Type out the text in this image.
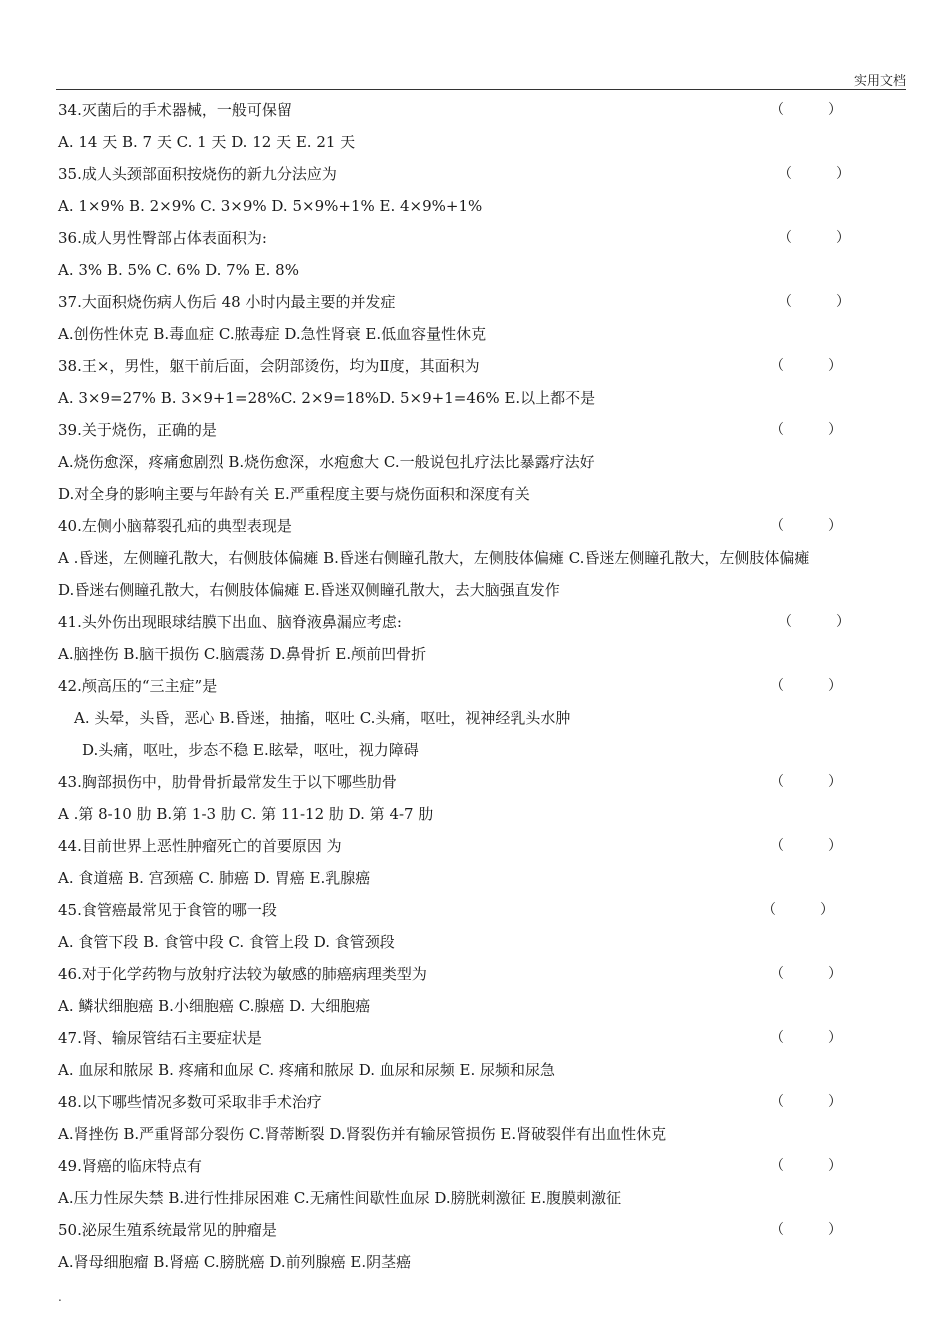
实用文档
34.灭菌后的手术器械，一般可保留	（	）
A. 14 天 B. 7 天 C. 1 天 D. 12 天 E. 21 天
35.成人头颈部面积按烧伤的新九分法应为	（	）
A. 1×9% B. 2×9% C. 3×9% D. 5×9%+1% E. 4×9%+1%
36.成人男性臀部占体表面积为:	（	）
A. 3% B. 5% C. 6% D. 7% E. 8%
37.大面积烧伤病人伤后 48 小时内最主要的并发症	（	）
A.创伤性休克 B.毒血症 C.脓毒症 D.急性肾衰 E.低血容量性休克
38.王×，男性，躯干前后面，会阴部烫伤，均为Ⅱ度，其面积为	（	）
A. 3×9=27% B. 3×9+1=28%C. 2×9=18%D. 5×9+1=46% E.以上都不是
39.关于烧伤，正确的是	（	）
A.烧伤愈深，疼痛愈剧烈 B.烧伤愈深，水疱愈大 C.一般说包扎疗法比暴露疗法好
D.对全身的影响主要与年龄有关 E.严重程度主要与烧伤面积和深度有关
40.左侧小脑幕裂孔疝的典型表现是	（	）
A .昏迷，左侧瞳孔散大，右侧肢体偏瘫 B.昏迷右侧瞳孔散大，左侧肢体偏瘫 C.昏迷左侧瞳孔散大，左侧肢体偏瘫
D.昏迷右侧瞳孔散大，右侧肢体偏瘫 E.昏迷双侧瞳孔散大，去大脑强直发作
41.头外伤出现眼球结膜下出血、脑脊液鼻漏应考虑:	（	）
A.脑挫伤 B.脑干损伤 C.脑震荡 D.鼻骨折 E.颅前凹骨折
42.颅高压的“三主症”是	（	）
A. 头晕，头昏，恶心 B.昏迷，抽搐，呕吐 C.头痛，呕吐，视神经乳头水肿
D.头痛，呕吐，步态不稳 E.眩晕，呕吐，视力障碍
43.胸部损伤中，肋骨骨折最常发生于以下哪些肋骨	（	）
A .第 8-10 肋 B.第 1-3 肋 C. 第 11-12 肋 D. 第 4-7 肋
44.目前世界上恶性肿瘤死亡的首要原因 为	（	）
A. 食道癌 B. 宫颈癌 C. 肺癌 D. 胃癌 E.乳腺癌
45.食管癌最常见于食管的哪一段	（	）
A. 食管下段 B. 食管中段 C. 食管上段 D. 食管颈段
46.对于化学药物与放射疗法较为敏感的肺癌病理类型为	（	）
A. 鳞状细胞癌 B.小细胞癌 C.腺癌 D. 大细胞癌
47.肾、输尿管结石主要症状是	（	）
A. 血尿和脓尿 B. 疼痛和血尿 C. 疼痛和脓尿 D. 血尿和尿频 E. 尿频和尿急
48.以下哪些情况多数可采取非手术治疗	（	）
A.肾挫伤 B.严重肾部分裂伤 C.肾蒂断裂 D.肾裂伤并有输尿管损伤 E.肾破裂伴有出血性休克
49.肾癌的临床特点有	（	）
A.压力性尿失禁 B.进行性排尿困难 C.无痛性间歇性血尿 D.膀胱刺激征 E.腹膜刺激征
50.泌尿生殖系统最常见的肿瘤是	（	）
A.肾母细胞瘤 B.肾癌 C.膀胱癌 D.前列腺癌 E.阴茎癌
.
